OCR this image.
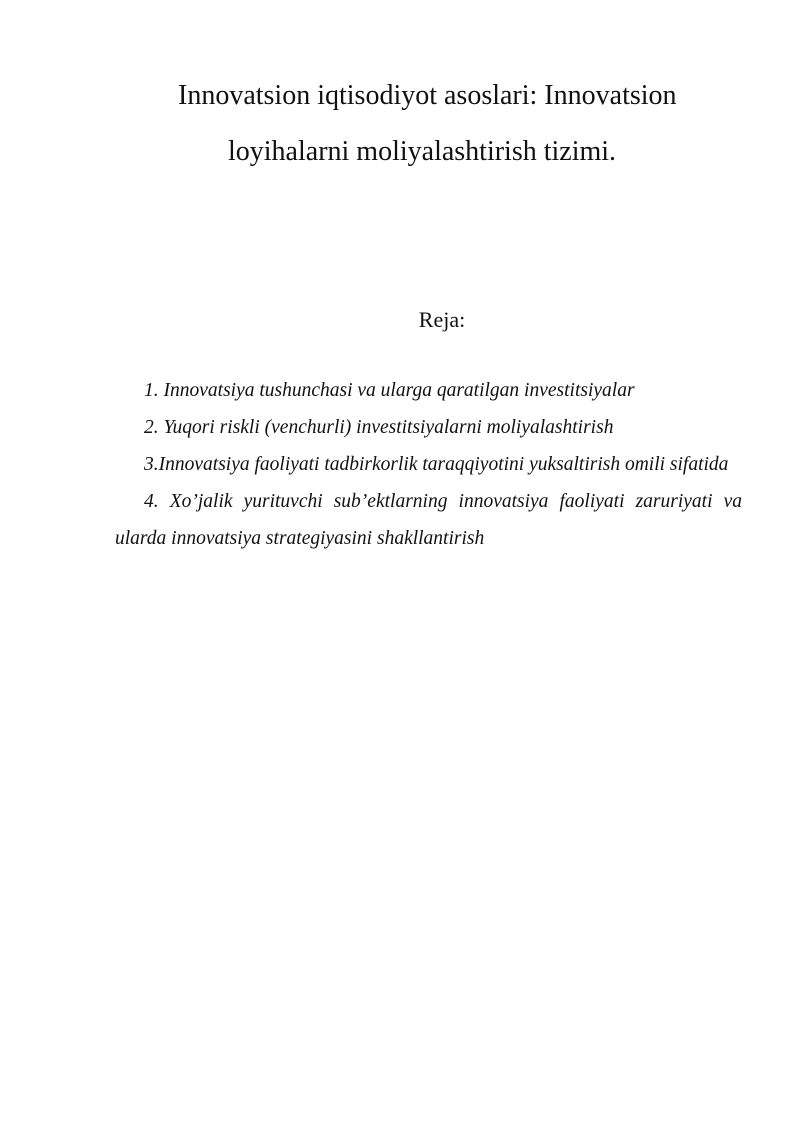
Innovatsion iqtisodiyot asoslari: Innovatsion
loyihalarni moliyalashtirish tizimi.
Reja:
1. Innovatsiya tushunchasi va ularga qaratilgan investitsiyalar
2. Yuqori riskli (venchurli) investitsiyalarni moliyalashtirish
3.Innovatsiya faoliyati tadbirkorlik taraqqiyotini yuksaltirish omili sifatida
4. Xo’jalik yurituvchi sub’ektlarning innovatsiya faoliyati zaruriyati va ularda innovatsiya strategiyasini shakllantirish
